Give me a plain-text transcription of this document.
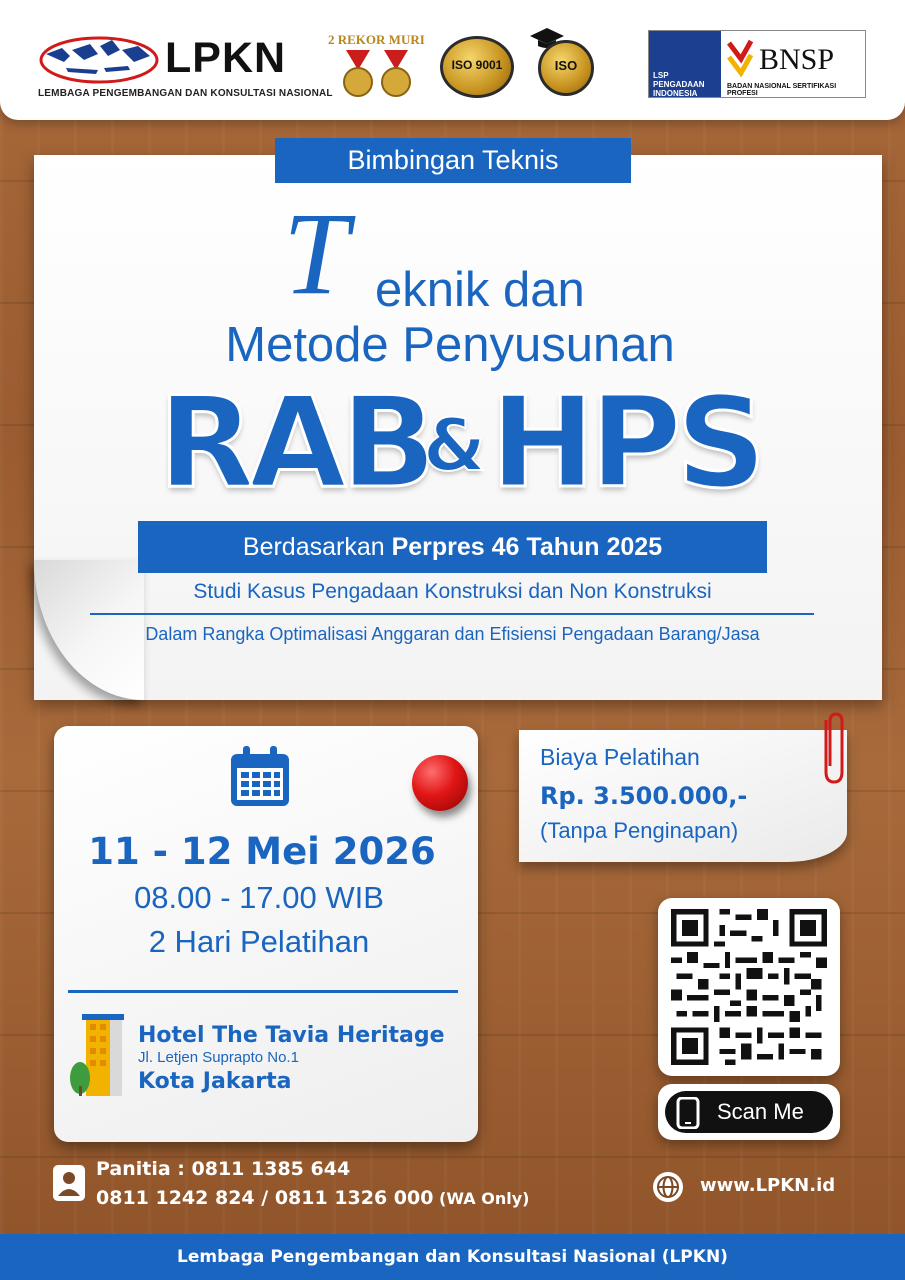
LPKN
LEMBAGA PENGEMBANGAN DAN KONSULTASI NASIONAL
2 REKOR MURI
ISO 9001	ISO
LSP PENGADAAN INDONESIA
BNSP
BADAN NASIONAL SERTIFIKASI PROFESI
Bimbingan Teknis
T eknik dan
Metode Penyusunan
RAB
& HPS
Berdasarkan Perpres 46 Tahun 2025
Studi Kasus Pengadaan Konstruksi dan Non Konstruksi
Dalam Rangka Optimalisasi Anggaran dan Efisiensi Pengadaan Barang/Jasa
11 - 12 Mei 2026
08.00 - 17.00 WIB
2 Hari Pelatihan
Hotel The Tavia Heritage
Jl. Letjen Suprapto No.1
Kota Jakarta
Biaya Pelatihan
Rp. 3.500.000,-
(Tanpa Penginapan)
Scan Me
Panitia : 0811 1385 644
0811 1242 824 / 0811 1326 000 (WA Only)
www.LPKN.id
Lembaga Pengembangan dan Konsultasi Nasional (LPKN)
